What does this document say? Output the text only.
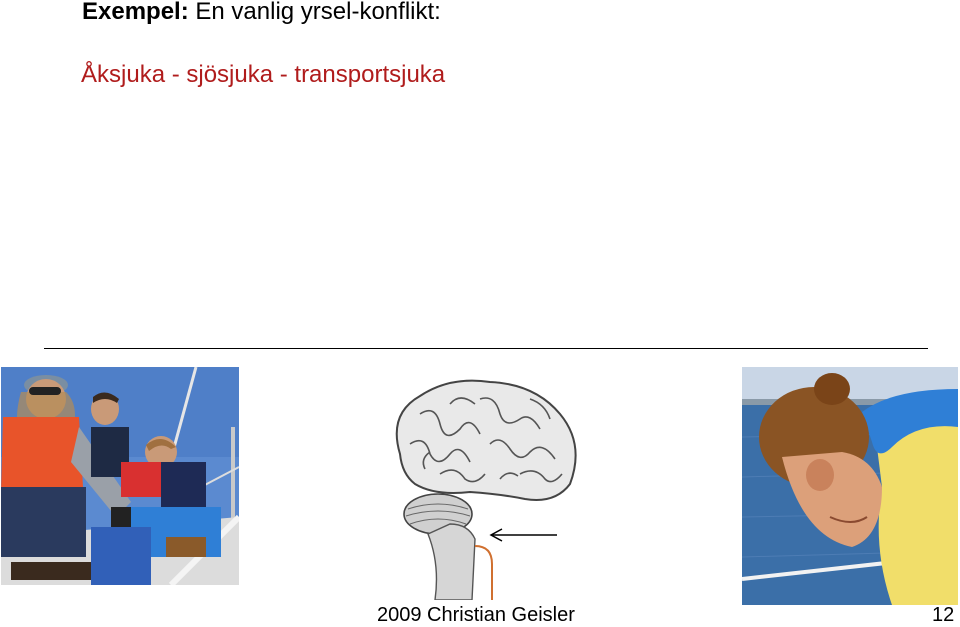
Exempel: En vanlig yrsel-konflikt:
Åksjuka - sjösjuka - transportsjuka
2009 Christian Geisler	12
